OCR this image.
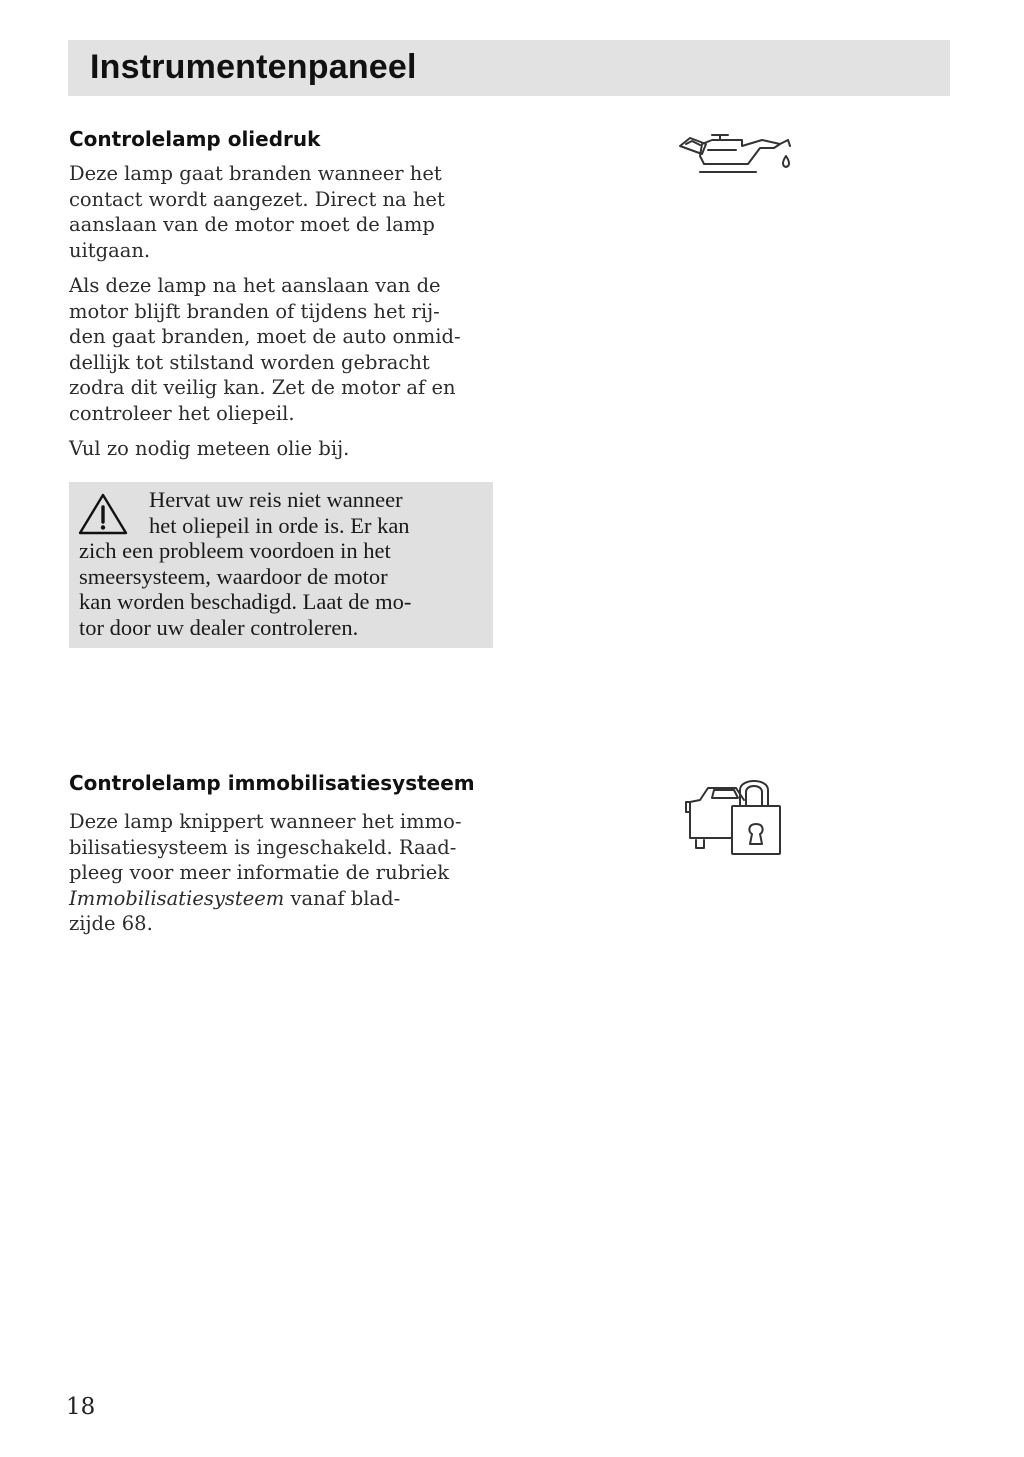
Instrumentenpaneel
Controlelamp oliedruk

Deze lamp gaat branden wanneer het

contact wordt aangezet. Direct na het

aanslaan van de motor moet de lamp

uitgaan.

Als deze lamp na het aanslaan van de

motor blijft branden of tijdens het rij-

den gaat branden, moet de auto onmid-

dellijk tot stilstand worden gebracht

zodra dit veilig kan. Zet de motor af en

controleer het oliepeil.

Vul zo nodig meteen olie bij.

Hervat uw reis niet wanneer
het oliepeil in orde is. Er kan
zich een probleem voordoen in het
smeersysteem, waardoor de motor
kan worden beschadigd. Laat de mo-
tor door uw dealer controleren.
Controlelamp immobilisatiesysteem

Deze lamp knippert wanneer het immo-

bilisatiesysteem is ingeschakeld. Raad-

pleeg voor meer informatie de rubriek

Immobilisatiesysteem vanaf blad-

zijde 68.

18
